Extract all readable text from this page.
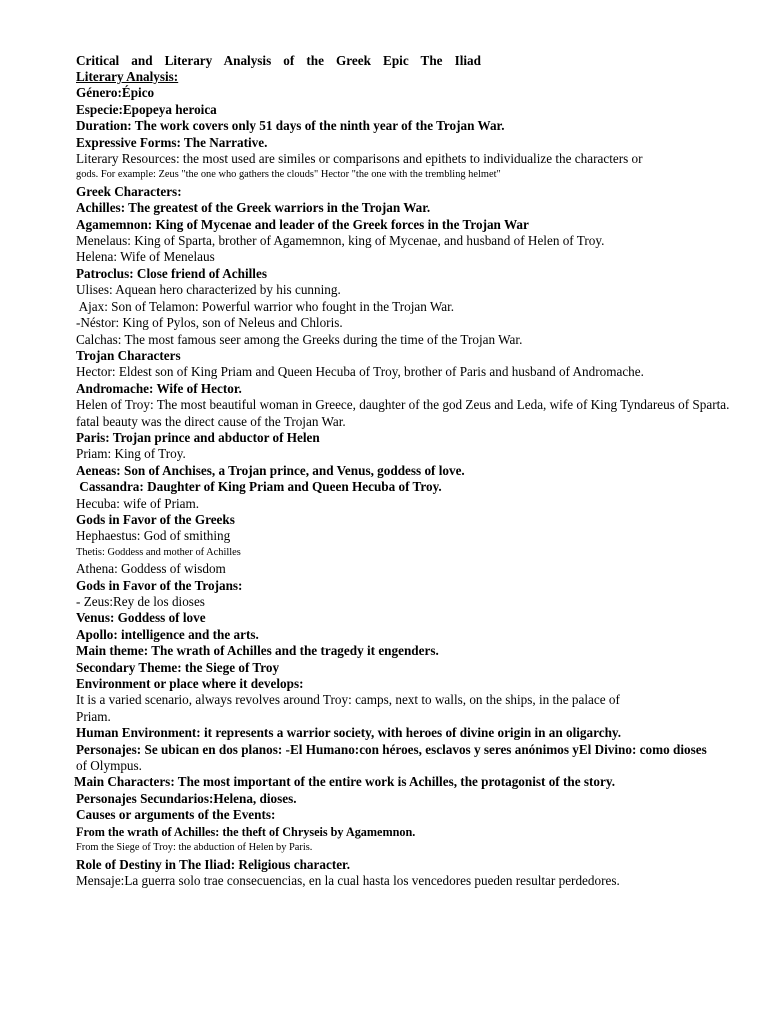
Critical and Literary Analysis of the Greek Epic The Iliad
Literary Analysis:
Género:Épico
Especie:Epopeya heroica
Duration: The work covers only 51 days of the ninth year of the Trojan War.
Expressive Forms: The Narrative.
Literary Resources: the most used are similes or comparisons and epithets to individualize the characters or
gods. For example: Zeus "the one who gathers the clouds" Hector "the one with the trembling helmet"
Greek Characters:
Achilles: The greatest of the Greek warriors in the Trojan War.
Agamemnon: King of Mycenae and leader of the Greek forces in the Trojan War
Menelaus: King of Sparta, brother of Agamemnon, king of Mycenae, and husband of Helen of Troy.
Helena: Wife of Menelaus
Patroclus: Close friend of Achilles
Ulises: Aquean hero characterized by his cunning.
Ajax: Son of Telamon: Powerful warrior who fought in the Trojan War.
-Néstor: King of Pylos, son of Neleus and Chloris.
Calchas: The most famous seer among the Greeks during the time of the Trojan War.
Trojan Characters
Hector: Eldest son of King Priam and Queen Hecuba of Troy, brother of Paris and husband of Andromache.
Andromache: Wife of Hector.
Helen of Troy: The most beautiful woman in Greece, daughter of the god Zeus and Leda, wife of King Tyndareus of Sparta.
fatal beauty was the direct cause of the Trojan War.
Paris: Trojan prince and abductor of Helen
Priam: King of Troy.
Aeneas: Son of Anchises, a Trojan prince, and Venus, goddess of love.
Cassandra: Daughter of King Priam and Queen Hecuba of Troy.
Hecuba: wife of Priam.
Gods in Favor of the Greeks
Hephaestus: God of smithing
Thetis: Goddess and mother of Achilles
Athena: Goddess of wisdom
Gods in Favor of the Trojans:
- Zeus:Rey de los dioses
Venus: Goddess of love
Apollo: intelligence and the arts.
Main theme: The wrath of Achilles and the tragedy it engenders.
Secondary Theme: the Siege of Troy
Environment or place where it develops:
It is a varied scenario, always revolves around Troy: camps, next to walls, on the ships, in the palace of
Priam.
Human Environment: it represents a warrior society, with heroes of divine origin in an oligarchy.
Personajes: Se ubican en dos planos: -El Humano:con héroes, esclavos y seres anónimos yEl Divino: como dioses
of Olympus.
Main Characters: The most important of the entire work is Achilles, the protagonist of the story.
Personajes Secundarios:Helena, dioses.
Causes or arguments of the Events:
From the wrath of Achilles: the theft of Chryseis by Agamemnon.
From the Siege of Troy: the abduction of Helen by Paris.
Role of Destiny in The Iliad: Religious character.
Mensaje:La guerra solo trae consecuencias, en la cual hasta los vencedores pueden resultar perdedores.
